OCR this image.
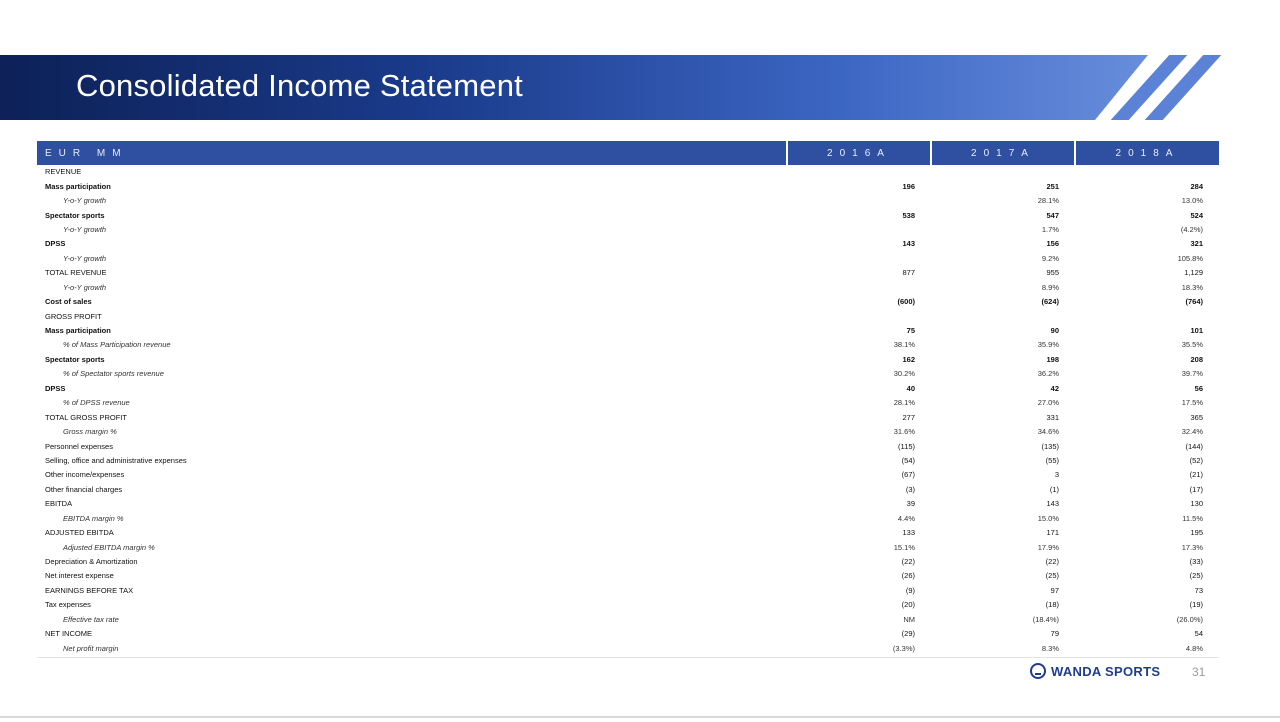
Consolidated Income Statement
EUR MM	2016A	2017A	2018A
REVENUE			
Mass participation	196	251	284
Y-o-Y growth		28.1%	13.0%
Spectator sports	538	547	524
Y-o-Y growth		1.7%	(4.2%)
DPSS	143	156	321
Y-o-Y growth		9.2%	105.8%
TOTAL REVENUE	877	955	1,129
Y-o-Y growth		8.9%	18.3%
Cost of sales	(600)	(624)	(764)
GROSS PROFIT			
Mass participation	75	90	101
% of Mass Participation revenue	38.1%	35.9%	35.5%
Spectator sports	162	198	208
% of Spectator sports revenue	30.2%	36.2%	39.7%
DPSS	40	42	56
% of DPSS revenue	28.1%	27.0%	17.5%
TOTAL GROSS PROFIT	277	331	365
Gross margin %	31.6%	34.6%	32.4%
Personnel expenses	(115)	(135)	(144)
Selling, office and administrative expenses	(54)	(55)	(52)
Other income/expenses	(67)	3	(21)
Other financial charges	(3)	(1)	(17)
EBITDA	39	143	130
EBITDA margin %	4.4%	15.0%	11.5%
ADJUSTED EBITDA	133	171	195
Adjusted EBITDA margin %	15.1%	17.9%	17.3%
Depreciation & Amortization	(22)	(22)	(33)
Net interest expense	(26)	(25)	(25)
EARNINGS BEFORE TAX	(9)	97	73
Tax expenses	(20)	(18)	(19)
Effective tax rate	NM	(18.4%)	(26.0%)
NET INCOME	(29)	79	54
Net profit margin	(3.3%)	8.3%	4.8%
WANDA SPORTS	31
